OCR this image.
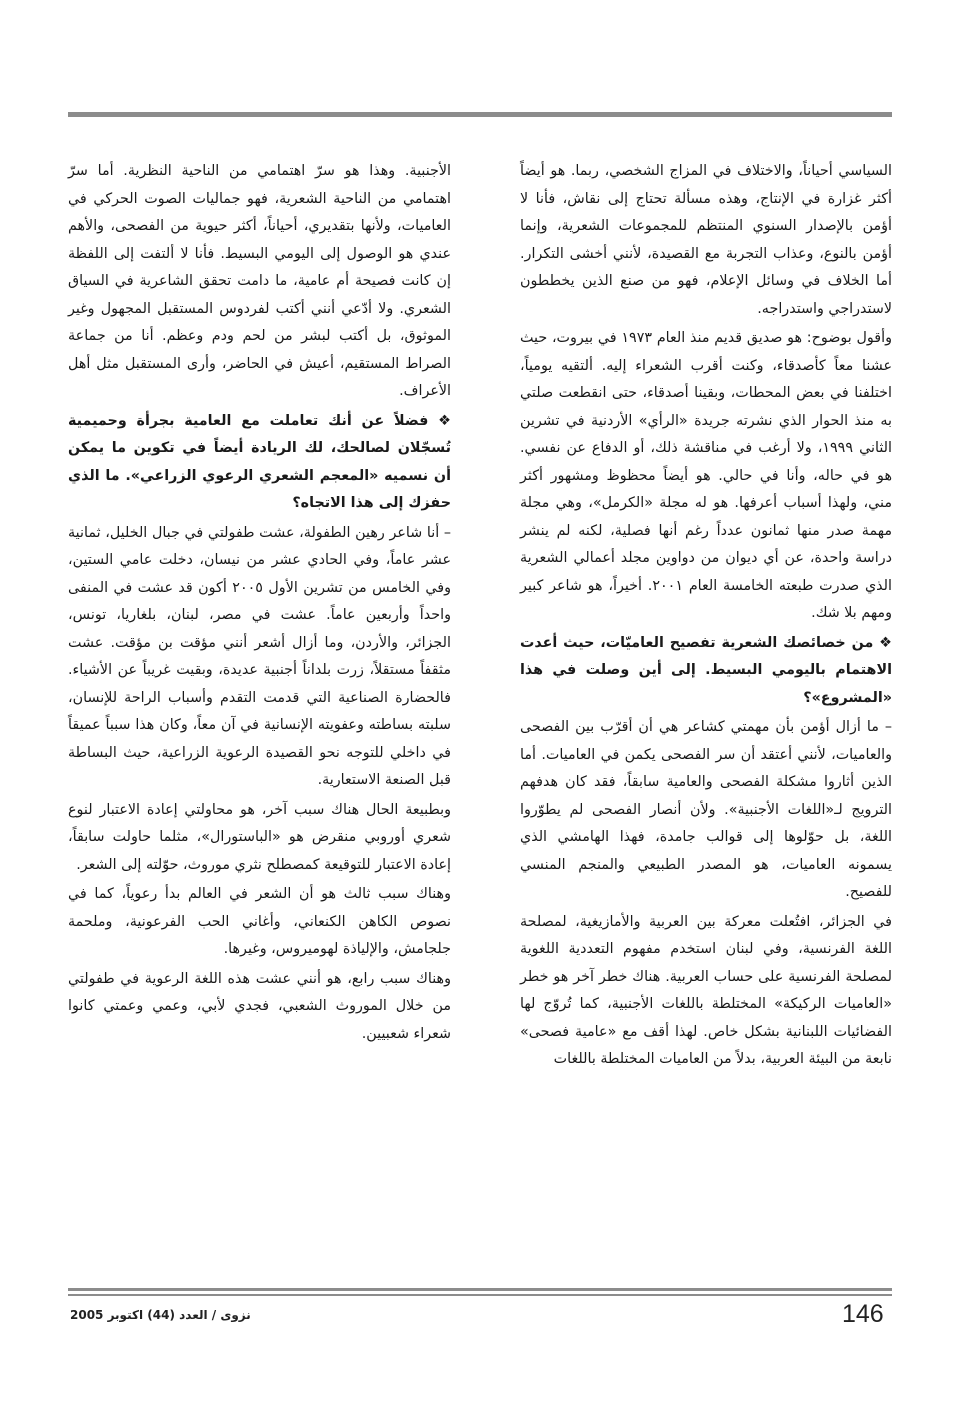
السياسي أحياناً، والاختلاف في المزاج الشخصي، ربما. هو أيضاً أكثر غزارة في الإنتاج، وهذه مسألة تحتاج إلى نقاش، فأنا لا أؤمن بالإصدار السنوي المنتظم للمجموعات الشعرية، وإنما أؤمن بالنوع، وعذاب التجربة مع القصيدة، لأنني أخشى التكرار. أما الخلاف في وسائل الإعلام، فهو من صنع الذين يخططون لاستدراجي واستدراجه.

وأقول بوضوح: هو صديق قديم منذ العام ١٩٧٣ في بيروت، حيث عشنا معاً كأصدقاء، وكنت أقرب الشعراء إليه. ألتقيه يومياً، اختلفنا في بعض المحطات، وبقينا أصدقاء، حتى انقطعت صلتي به منذ الحوار الذي نشرته جريدة «الرأي» الأردنية في تشرين الثاني ١٩٩٩، ولا أرغب في مناقشة ذلك، أو الدفاع عن نفسي. هو في حاله، وأنا في حالي. هو أيضاً محظوظ ومشهور أكثر مني، ولهذا أسباب أعرفها. هو له مجلة «الكرمل»، وهي مجلة مهمة صدر منها ثمانون عدداً رغم أنها فصلية، لكنه لم ينشر دراسة واحدة، عن أي ديوان من دواوين مجلد أعمالي الشعرية الذي صدرت طبعته الخامسة العام ٢٠٠١. أخيراً، هو شاعر كبير ومهم بلا شك.

❖ من خصائصك الشعرية تفصيح العاميّات، حيث أعدت الاهتمام باليومي البسيط. إلى أين وصلت في هذا «المشروع»؟

– ما أزال أؤمن بأن مهمتي كشاعر هي أن أقرّب بين الفصحى والعاميات، لأنني أعتقد أن سر الفصحى يكمن في العاميات. أما الذين أثاروا مشكلة الفصحى والعامية سابقاً، فقد كان هدفهم الترويج لـ«اللغات الأجنبية». ولأن أنصار الفصحى لم يطوّروا اللغة، بل حوّلوها إلى قوالب جامدة، فهذا الهامشي الذي يسمونه العاميات، هو المصدر الطبيعي والمنجم المنسي للفصيح.

في الجزائر، افتُعلت معركة بين العربية والأمازيغية، لمصلحة اللغة الفرنسية، وفي لبنان استخدم مفهوم التعددية اللغوية لمصلحة الفرنسية على حساب العربية. هناك خطر آخر هو خطر «العاميات الركيكة» المختلطة باللغات الأجنبية، كما تُروّج لها الفضائيات اللبنانية بشكل خاص. لهذا أقف مع «عامية فصحى» نابعة من البيئة العربية، بدلاً من العاميات المختلطة باللغات

الأجنبية. وهذا هو سرّ اهتمامي من الناحية النظرية. أما سرّ اهتمامي من الناحية الشعرية، فهو جماليات الصوت الحركي في العاميات، ولأنها بتقديري، أحياناً، أكثر حيوية من الفصحى، والأهم عندي هو الوصول إلى اليومي البسيط. فأنا لا ألتفت إلى اللفظة إن كانت فصيحة أم عامية، ما دامت تحقق الشاعرية في السياق الشعري. ولا أدّعي أنني أكتب لفردوس المستقبل المجهول وغير الموثوق، بل أكتب لبشر من لحم ودم وعظم. أنا من جماعة الصراط المستقيم، أعيش في الحاضر، وأرى المستقبل مثل أهل الأعراف.

❖ فضلاً عن أنك تعاملت مع العامية بجرأة وحميمية تُسجّلان لصالحك، لك الريادة أيضاً في تكوين ما يمكن أن نسميه «المعجم الشعري الرعوي الزراعي». ما الذي حفزك إلى هذا الاتجاه؟

– أنا شاعر رهين الطفولة، عشت طفولتي في جبال الخليل، ثمانية عشر عاماً، وفي الحادي عشر من نيسان، دخلت عامي الستين، وفي الخامس من تشرين الأول ٢٠٠٥ أكون قد عشت في المنفى واحداً وأربعين عاماً. عشت في مصر، لبنان، بلغاريا، تونس، الجزائر، والأردن، وما أزال أشعر أنني مؤقت بن مؤقت. عشت مثقفاً مستقلاً، زرت بلداناً أجنبية عديدة، وبقيت غريباً عن الأشياء. فالحضارة الصناعية التي قدمت التقدم وأسباب الراحة للإنسان، سلبته بساطته وعفويته الإنسانية في آن معاً، وكان هذا سبباً عميقاً في داخلي للتوجه نحو القصيدة الرعوية الزراعية، حيث البساطة قبل الصنعة الاستعارية.

وبطبيعة الحال هناك سبب آخر، هو محاولتي إعادة الاعتبار لنوع شعري أوروبي منقرض هو «الباستورال»، مثلما حاولت سابقاً، إعادة الاعتبار للتوقيعة كمصطلح نثري موروث، حوّلته إلى الشعر.

وهناك سبب ثالث هو أن الشعر في العالم بدأ رعوياً، كما في نصوص الكاهن الكنعاني، وأغاني الحب الفرعونية، وملحمة جلجامش، والإلياذة لهوميروس، وغيرها.

وهناك سبب رابع، هو أنني عشت هذه اللغة الرعوية في طفولتي من خلال الموروث الشعبي، فجدي لأبي، وعمي وعمتي كانوا شعراء شعبيين.

146
نزوى / العدد (44) اكتوبر 2005
